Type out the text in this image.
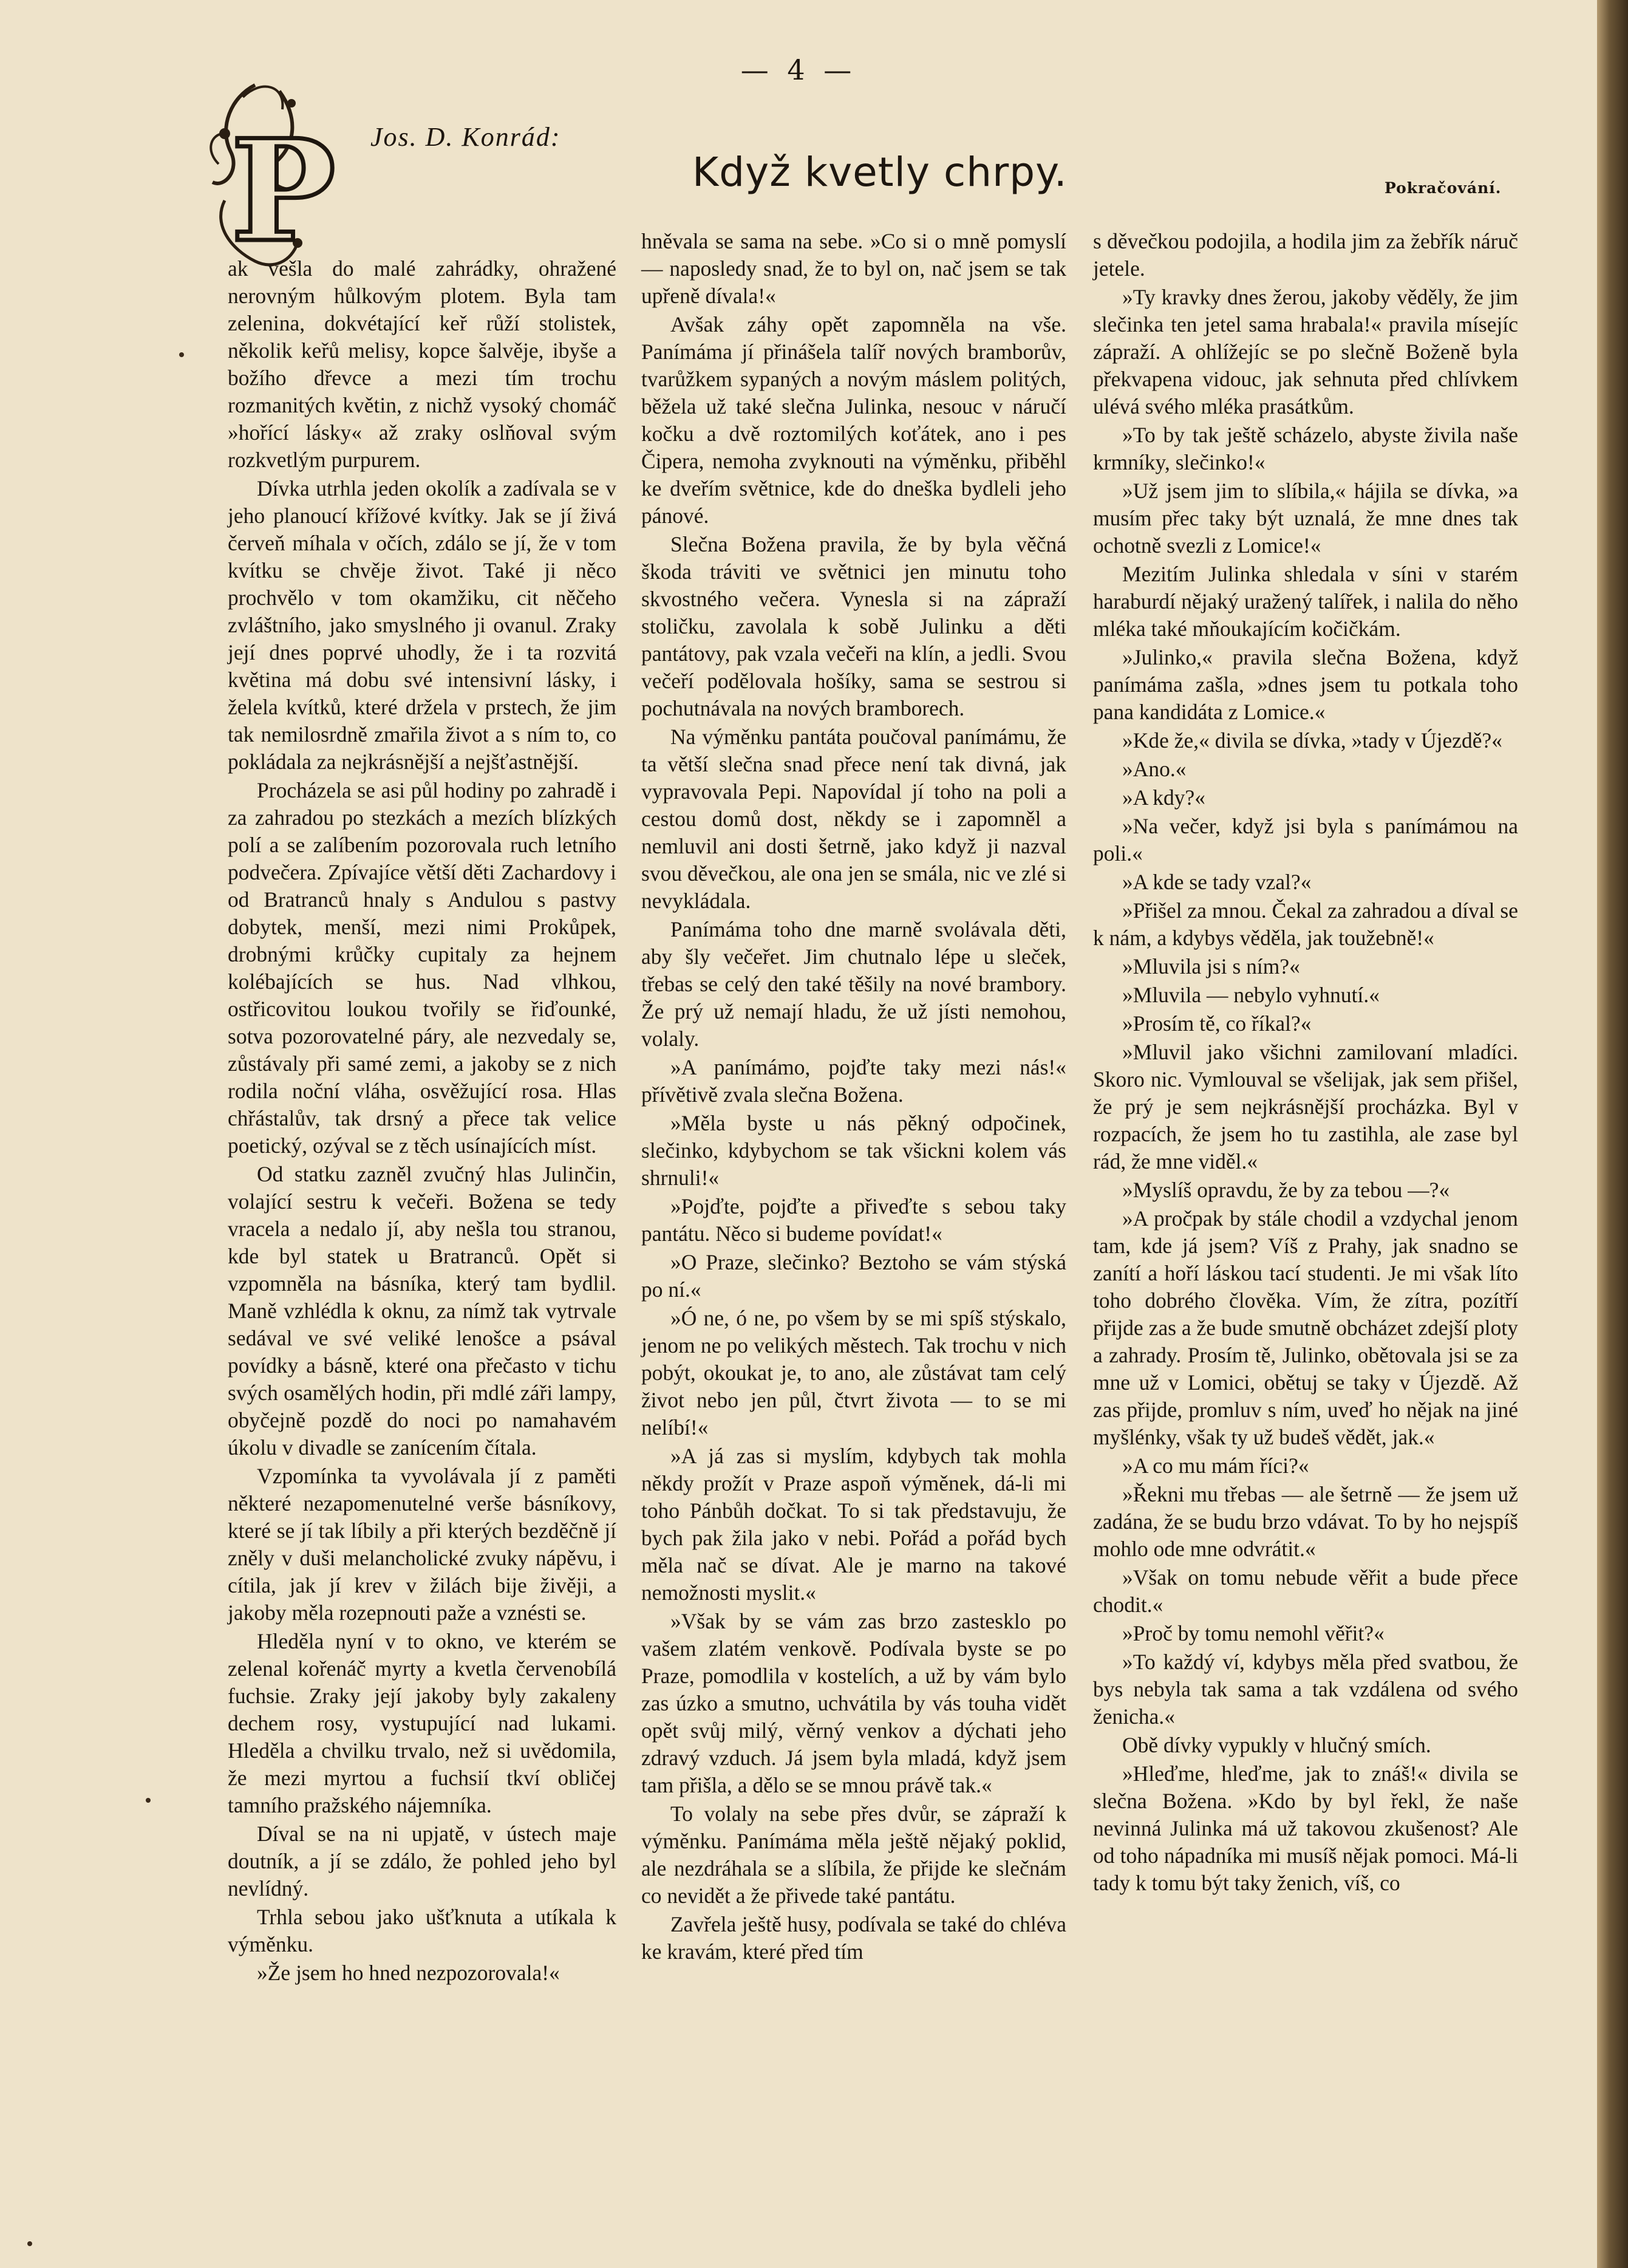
— 4 —
P Jos. D. Konrád:
Když kvetly chrpy.	Pokračování.

ak vešla do malé zahrádky, ohražené nerovným hůlkovým plotem. Byla tam zelenina, dokvétající keř růží stolistek, několik keřů melisy, kopce šalvěje, ibyše a božího dřevce a mezi tím trochu rozmanitých květin, z nichž vysoký chomáč »hořící lásky« až zraky oslňoval svým rozkvetlým purpurem.

Dívka utrhla jeden okolík a zadívala se v jeho planoucí křížové kvítky. Jak se jí živá červeň míhala v očích, zdálo se jí, že v tom kvítku se chvěje život. Také ji něco prochvělo v tom okamžiku, cit něčeho zvláštního, jako smyslného ji ovanul. Zraky její dnes poprvé uhodly, že i ta rozvitá květina má dobu své intensivní lásky, i želela kvítků, které držela v prstech, že jim tak nemilosrdně zmařila život a s ním to, co pokládala za nejkrásnější a nejšťastnější.

Procházela se asi půl hodiny po zahradě i za zahradou po stezkách a mezích blízkých polí a se zalíbením pozorovala ruch letního podvečera. Zpívajíce větší děti Zachardovy i od Bratranců hnaly s Andulou s pastvy dobytek, menší, mezi nimi Prokůpek, drobnými krůčky cupitaly za hejnem kolébajících se hus. Nad vlhkou, ostřicovitou loukou tvořily se řiďounké, sotva pozorovatelné páry, ale nezvedaly se, zůstávaly při samé zemi, a jakoby se z nich rodila noční vláha, osvěžující rosa. Hlas chřástalův, tak drsný a přece tak velice poetický, ozýval se z těch usínajících míst.

Od statku zazněl zvučný hlas Julinčin, volající sestru k večeři. Božena se tedy vracela a nedalo jí, aby nešla tou stranou, kde byl statek u Bratranců. Opět si vzpomněla na básníka, který tam bydlil. Maně vzhlédla k oknu, za nímž tak vytrvale sedával ve své veliké lenošce a psával povídky a básně, které ona přečasto v tichu svých osamělých hodin, při mdlé záři lampy, obyčejně pozdě do noci po namahavém úkolu v divadle se zanícením čítala.

Vzpomínka ta vyvolávala jí z paměti některé nezapomenutelné verše básníkovy, které se jí tak líbily a při kterých bezděčně jí zněly v duši melancholické zvuky nápěvu, i cítila, jak jí krev v žilách bije živěji, a jakoby měla rozepnouti paže a vznésti se.

Hleděla nyní v to okno, ve kterém se zelenal kořenáč myrty a kvetla červenobílá fuchsie. Zraky její jakoby byly zakaleny dechem rosy, vystupující nad lukami. Hleděla a chvilku trvalo, než si uvědomila, že mezi myrtou a fuchsií tkví obličej tamního pražského nájemníka.

Díval se na ni upjatě, v ústech maje doutník, a jí se zdálo, že pohled jeho byl nevlídný.

Trhla sebou jako ušťknuta a utíkala k výměnku.

»Že jsem ho hned nezpozorovala!«

hněvala se sama na sebe. »Co si o mně pomyslí — naposledy snad, že to byl on, nač jsem se tak upřeně dívala!«

Avšak záhy opět zapomněla na vše. Panímáma jí přinášela talíř nových bramborův, tvarůžkem sypaných a novým máslem politých, běžela už také slečna Julinka, nesouc v náručí kočku a dvě roztomilých koťátek, ano i pes Čipera, nemoha zvyknouti na výměnku, přiběhl ke dveřím světnice, kde do dneška bydleli jeho pánové.

Slečna Božena pravila, že by byla věčná škoda tráviti ve světnici jen minutu toho skvostného večera. Vynesla si na zápraží stoličku, zavolala k sobě Julinku a děti pantátovy, pak vzala večeři na klín, a jedli. Svou večeří podělovala hošíky, sama se sestrou si pochutnávala na nových bramborech.

Na výměnku pantáta poučoval panímámu, že ta větší slečna snad přece není tak divná, jak vypravovala Pepi. Napovídal jí toho na poli a cestou domů dost, někdy se i zapomněl a nemluvil ani dosti šetrně, jako když ji nazval svou děvečkou, ale ona jen se smála, nic ve zlé si nevykládala.

Panímáma toho dne marně svolávala děti, aby šly večeřet. Jim chutnalo lépe u sleček, třebas se celý den také těšily na nové brambory. Že prý už nemají hladu, že už jísti nemohou, volaly.

»A panímámo, pojďte taky mezi nás!« přívětivě zvala slečna Božena.

»Měla byste u nás pěkný odpočinek, slečinko, kdybychom se tak všickni kolem vás shrnuli!«

»Pojďte, pojďte a přiveďte s sebou taky pantátu. Něco si budeme povídat!«

»O Praze, slečinko? Beztoho se vám stýská po ní.«

»Ó ne, ó ne, po všem by se mi spíš stýskalo, jenom ne po velikých městech. Tak trochu v nich pobýt, okoukat je, to ano, ale zůstávat tam celý život nebo jen půl, čtvrt života — to se mi nelíbí!«

»A já zas si myslím, kdybych tak mohla někdy prožít v Praze aspoň výměnek, dá-li mi toho Pánbůh dočkat. To si tak představuju, že bych pak žila jako v nebi. Pořád a pořád bych měla nač se dívat. Ale je marno na takové nemožnosti myslit.«

»Však by se vám zas brzo zastesklo po vašem zlatém venkově. Podívala byste se po Praze, pomodlila v kostelích, a už by vám bylo zas úzko a smutno, uchvátila by vás touha vidět opět svůj milý, věrný venkov a dýchati jeho zdravý vzduch. Já jsem byla mladá, když jsem tam přišla, a dělo se se mnou právě tak.«

To volaly na sebe přes dvůr, se zápraží k výměnku. Panímáma měla ještě nějaký poklid, ale nezdráhala se a slíbila, že přijde ke slečnám co nevidět a že přivede také pantátu.

Zavřela ještě husy, podívala se také do chléva ke kravám, které před tím

s děvečkou podojila, a hodila jim za žebřík náruč jetele.

»Ty kravky dnes žerou, jakoby věděly, že jim slečinka ten jetel sama hrabala!« pravila mísejíc zápraží. A ohlížejíc se po slečně Boženě byla překvapena vidouc, jak sehnuta před chlívkem ulévá svého mléka prasátkům.

»To by tak ještě scházelo, abyste živila naše krmníky, slečinko!«

»Už jsem jim to slíbila,« hájila se dívka, »a musím přec taky být uznalá, že mne dnes tak ochotně svezli z Lomice!«

Mezitím Julinka shledala v síni v starém haraburdí nějaký uražený talířek, i nalila do něho mléka také mňoukajícím kočičkám.

»Julinko,« pravila slečna Božena, když panímáma zašla, »dnes jsem tu potkala toho pana kandidáta z Lomice.«

»Kde že,« divila se dívka, »tady v Újezdě?«

»Ano.«

»A kdy?«

»Na večer, když jsi byla s panímámou na poli.«

»A kde se tady vzal?«

»Přišel za mnou. Čekal za zahradou a díval se k nám, a kdybys věděla, jak toužebně!«

»Mluvila jsi s ním?«

»Mluvila — nebylo vyhnutí.«

»Prosím tě, co říkal?«

»Mluvil jako všichni zamilovaní mladíci. Skoro nic. Vymlouval se všelijak, jak sem přišel, že prý je sem nejkrásnější procházka. Byl v rozpacích, že jsem ho tu zastihla, ale zase byl rád, že mne viděl.«

»Myslíš opravdu, že by za tebou —?«

»A pročpak by stále chodil a vzdychal jenom tam, kde já jsem? Víš z Prahy, jak snadno se zanítí a hoří láskou tací studenti. Je mi však líto toho dobrého člověka. Vím, že zítra, pozítří přijde zas a že bude smutně obcházet zdejší ploty a zahrady. Prosím tě, Julinko, obětovala jsi se za mne už v Lomici, obětuj se taky v Újezdě. Až zas přijde, promluv s ním, uveď ho nějak na jiné myšlénky, však ty už budeš vědět, jak.«

»A co mu mám říci?«

»Řekni mu třebas — ale šetrně — že jsem už zadána, že se budu brzo vdávat. To by ho nejspíš mohlo ode mne odvrátit.«

»Však on tomu nebude věřit a bude přece chodit.«

»Proč by tomu nemohl věřit?«

»To každý ví, kdybys měla před svatbou, že bys nebyla tak sama a tak vzdálena od svého ženicha.«

Obě dívky vypukly v hlučný smích.

»Hleďme, hleďme, jak to znáš!« divila se slečna Božena. »Kdo by byl řekl, že naše nevinná Julinka má už takovou zkušenost? Ale od toho nápadníka mi musíš nějak pomoci. Má-li tady k tomu být taky ženich, víš, co
